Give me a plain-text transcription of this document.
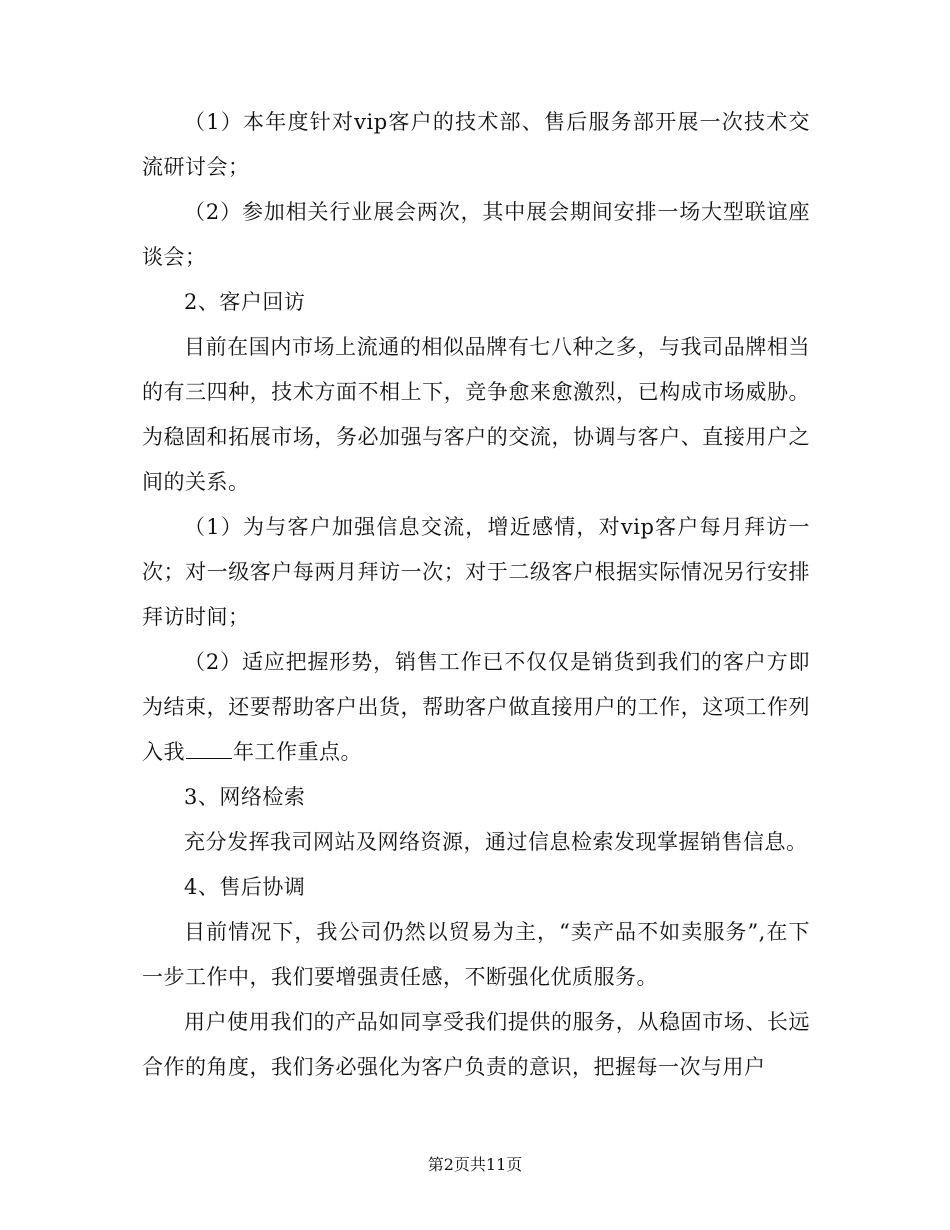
（1）本年度针对vip客户的技术部、售后服务部开展一次技术交流研讨会；

（2）参加相关行业展会两次，其中展会期间安排一场大型联谊座谈会；

2、客户回访

目前在国内市场上流通的相似品牌有七八种之多，与我司品牌相当的有三四种，技术方面不相上下，竞争愈来愈激烈，已构成市场威胁。为稳固和拓展市场，务必加强与客户的交流，协调与客户、直接用户之间的关系。

（1）为与客户加强信息交流，增近感情，对vip客户每月拜访一次；对一级客户每两月拜访一次；对于二级客户根据实际情况另行安排拜访时间；

（2）适应把握形势，销售工作已不仅仅是销货到我们的客户方即为结束，还要帮助客户出货，帮助客户做直接用户的工作，这项工作列入我 年工作重点。

3、网络检索

充分发挥我司网站及网络资源，通过信息检索发现掌握销售信息。

4、售后协调

目前情况下，我公司仍然以贸易为主，“卖产品不如卖服务”,在下一步工作中，我们要增强责任感，不断强化优质服务。

用户使用我们的产品如同享受我们提供的服务，从稳固市场、长远合作的角度，我们务必强化为客户负责的意识，把握每一次与用户

第2页共11页
